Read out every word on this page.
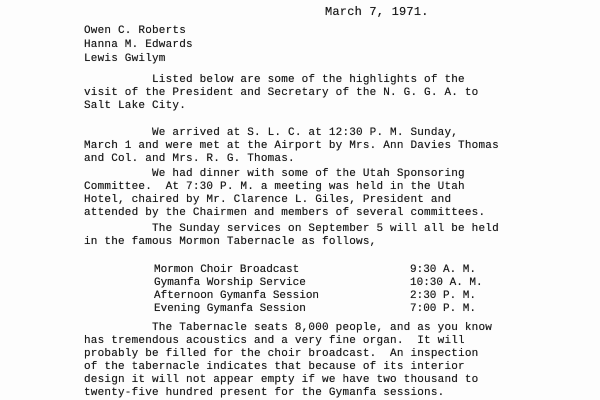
March 7, 1971.
Owen C. Roberts
Hanna M. Edwards
Lewis Gwilym
Listed below are some of the highlights of the
visit of the President and Secretary of the N. G. G. A. to
Salt Lake City.
We arrived at S. L. C. at 12:30 P. M. Sunday,
March 1 and were met at the Airport by Mrs. Ann Davies Thomas
and Col. and Mrs. R. G. Thomas.
We had dinner with some of the Utah Sponsoring
Committee.  At 7:30 P. M. a meeting was held in the Utah
Hotel, chaired by Mr. Clarence L. Giles, President and
attended by the Chairmen and members of several committees.
The Sunday services on September 5 will all be held
in the famous Mormon Tabernacle as follows,
Mormon Choir Broadcast	9:30 A. M.
Gymanfa Worship Service	10:30 A. M.
Afternoon Gymanfa Session	2:30 P. M.
Evening Gymanfa Session	7:00 P. M.
The Tabernacle seats 8,000 people, and as you know
has tremendous acoustics and a very fine organ.  It will
probably be filled for the choir broadcast.  An inspection
of the tabernacle indicates that because of its interior
design it will not appear empty if we have two thousand to
twenty-five hundred present for the Gymanfa sessions.
